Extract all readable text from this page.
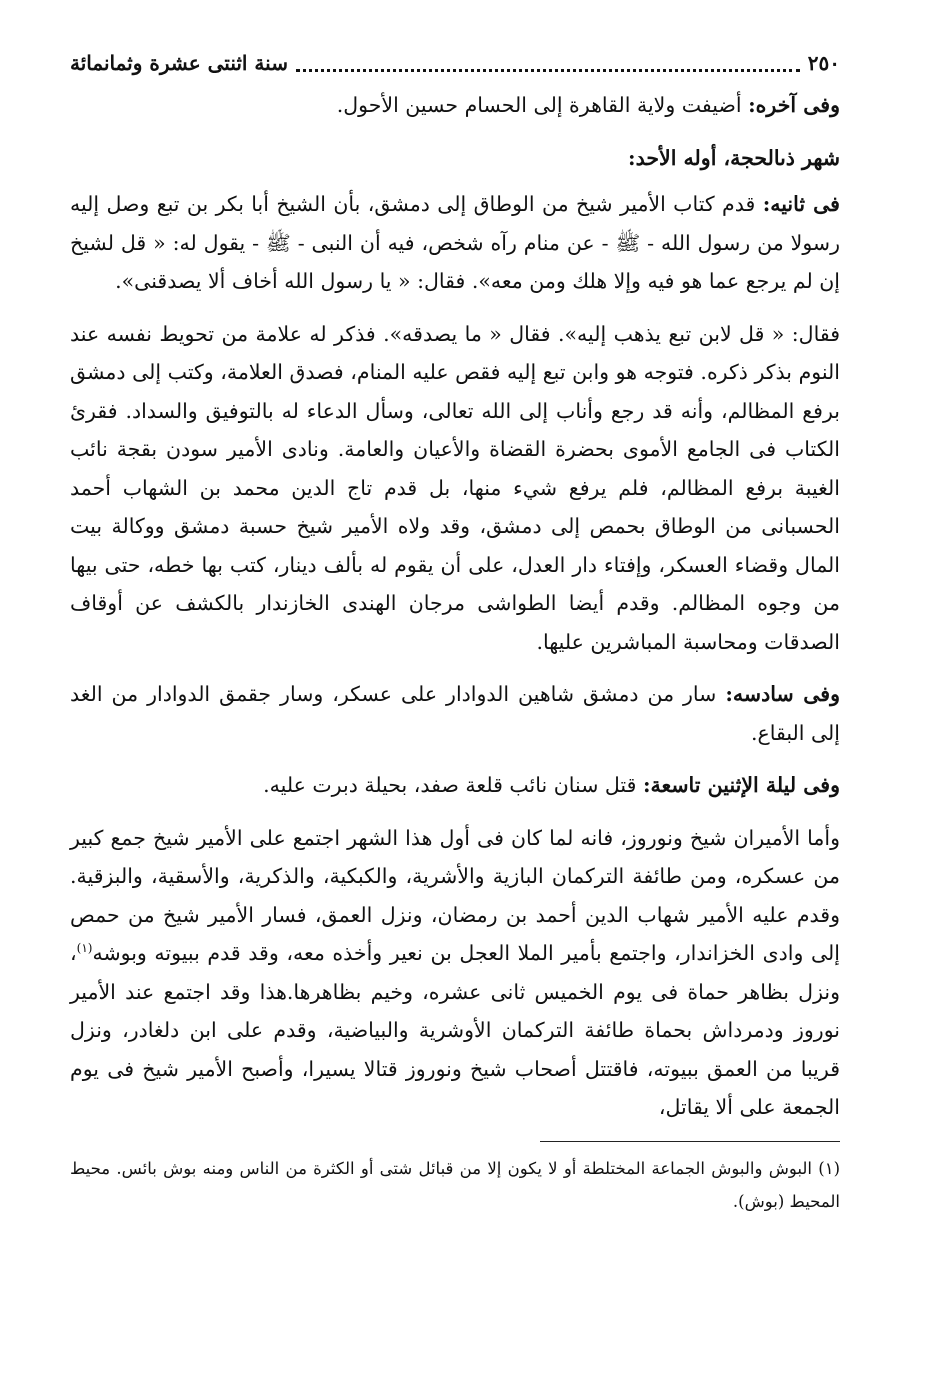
٢٥٠
سنة اثنتى عشرة وثمانمائة

وفى آخره: أضيفت ولاية القاهرة إلى الحسام حسين الأحول.

شهر ذىالحجة، أوله الأحد:

فى ثانيه: قدم كتاب الأمير شيخ من الوطاق إلى دمشق، بأن الشيخ أبا بكر بن تبع وصل إليه رسولا من رسول الله - ﷺ - عن منام رآه شخص، فيه أن النبى - ﷺ - يقول له: « قل لشيخ إن لم يرجع عما هو فيه وإلا هلك ومن معه». فقال: « يا رسول الله أخاف ألا يصدقنى».

فقال: « قل لابن تبع يذهب إليه». فقال « ما يصدقه». فذكر له علامة من تحويط نفسه عند النوم بذكر ذكره. فتوجه هو وابن تبع إليه فقص عليه المنام، فصدق العلامة، وكتب إلى دمشق برفع المظالم، وأنه قد رجع وأناب إلى الله تعالى، وسأل الدعاء له بالتوفيق والسداد. فقرئ الكتاب فى الجامع الأموى بحضرة القضاة والأعيان والعامة. ونادى الأمير سودن بقجة نائب الغيبة برفع المظالم، فلم يرفع شيء منها، بل قدم تاج الدين محمد بن الشهاب أحمد الحسبانى من الوطاق بحمص إلى دمشق، وقد ولاه الأمير شيخ حسبة دمشق ووكالة بيت المال وقضاء العسكر، وإفتاء دار العدل، على أن يقوم له بألف دينار، كتب بها خطه، حتى بيها من وجوه المظالم. وقدم أيضا الطواشى مرجان الهندى الخازندار بالكشف عن أوقاف الصدقات ومحاسبة المباشرين عليها.

وفى سادسه: سار من دمشق شاهين الدوادار على عسكر، وسار جقمق الدوادار من الغد إلى البقاع.

وفى ليلة الإثنين تاسعة: قتل سنان نائب قلعة صفد، بحيلة دبرت عليه.

وأما الأميران شيخ ونوروز، فانه لما كان فى أول هذا الشهر اجتمع على الأمير شيخ جمع كبير من عسكره، ومن طائفة التركمان البازية والأشرية، والكبكية، والذكرية، والأسقية، والبزقية. وقدم عليه الأمير شهاب الدين أحمد بن رمضان، ونزل العمق، فسار الأمير شيخ من حمص إلى وادى الخزاندار، واجتمع بأمير الملا العجل بن نعير وأخذه معه، وقد قدم ببيوته وبوشه$^{(١)}$، ونزل بظاهر حماة فى يوم الخميس ثانى عشره، وخيم بظاهرها.هذا وقد اجتمع عند الأمير نوروز ودمرداش بحماة طائفة التركمان الأوشرية والبياضية، وقدم على ابن دلغادر، ونزل قريبا من العمق ببيوته، فاقتتل أصحاب شيخ ونوروز قتالا يسيرا، وأصبح الأمير شيخ فى يوم الجمعة على ألا يقاتل،

(١) البوش والبوش الجماعة المختلطة أو لا يكون إلا من قبائل شتى أو الكثرة من الناس ومنه بوش بائس. محيط المحيط (بوش).
